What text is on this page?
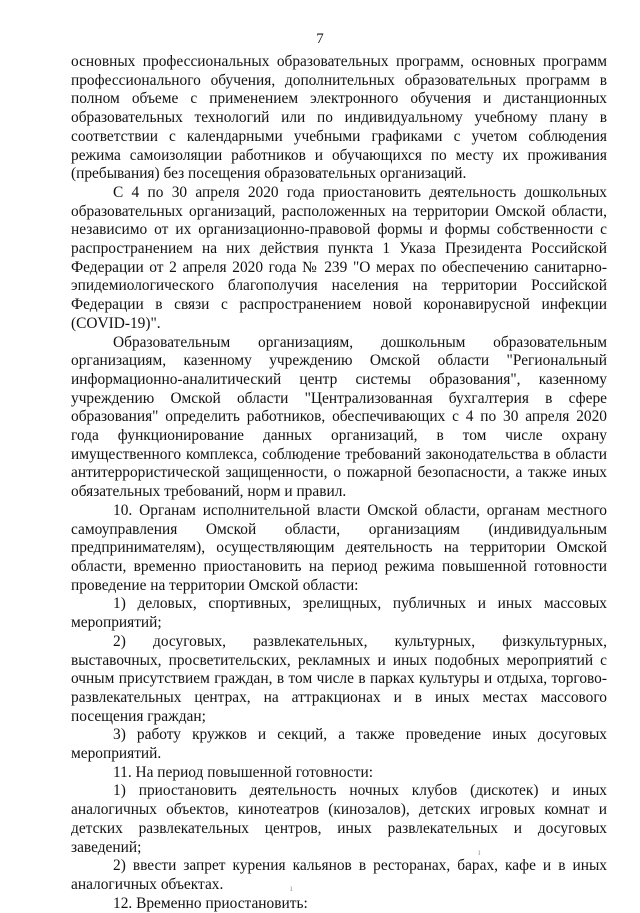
7

основных профессиональных образовательных программ, основных программ профессионального обучения, дополнительных образовательных программ в полном объеме с применением электронного обучения и дистанционных образовательных технологий или по индивидуальному учебному плану в соответствии с календарными учебными графиками с учетом соблюдения режима самоизоляции работников и обучающихся по месту их проживания (пребывания) без посещения образовательных организаций.

С 4 по 30 апреля 2020 года приостановить деятельность дошкольных образовательных организаций, расположенных на территории Омской области, независимо от их организационно-правовой формы и формы собственности с распространением на них действия пункта 1 Указа Президента Российской Федерации от 2 апреля 2020 года № 239 "О мерах по обеспечению санитарно-эпидемиологического благополучия населения на территории Российской Федерации в связи с распространением новой коронавирусной инфекции (COVID-19)".

Образовательным организациям, дошкольным образовательным организациям, казенному учреждению Омской области "Региональный информационно-аналитический центр системы образования", казенному учреждению Омской области "Централизованная бухгалтерия в сфере образования" определить работников, обеспечивающих с 4 по 30 апреля 2020 года функционирование данных организаций, в том числе охрану имущественного комплекса, соблюдение требований законодательства в области антитеррористической защищенности, о пожарной безопасности, а также иных обязательных требований, норм и правил.

10. Органам исполнительной власти Омской области, органам местного самоуправления Омской области, организациям (индивидуальным предпринимателям), осуществляющим деятельность на территории Омской области, временно приостановить на период режима повышенной готовности проведение на территории Омской области:

1) деловых, спортивных, зрелищных, публичных и иных массовых мероприятий;

2) досуговых, развлекательных, культурных, физкультурных, выставочных, просветительских, рекламных и иных подобных мероприятий с очным присутствием граждан, в том числе в парках культуры и отдыха, торгово-развлекательных центрах, на аттракционах и в иных местах массового посещения граждан;

3) работу кружков и секций, а также проведение иных досуговых мероприятий.

11. На период повышенной готовности:

1) приостановить деятельность ночных клубов (дискотек) и иных аналогичных объектов, кинотеатров (кинозалов), детских игровых комнат и детских развлекательных центров, иных развлекательных и досуговых заведений;

2) ввести запрет курения кальянов в ресторанах, барах, кафе и в иных аналогичных объектах.

12. Временно приостановить:

ı
ı
